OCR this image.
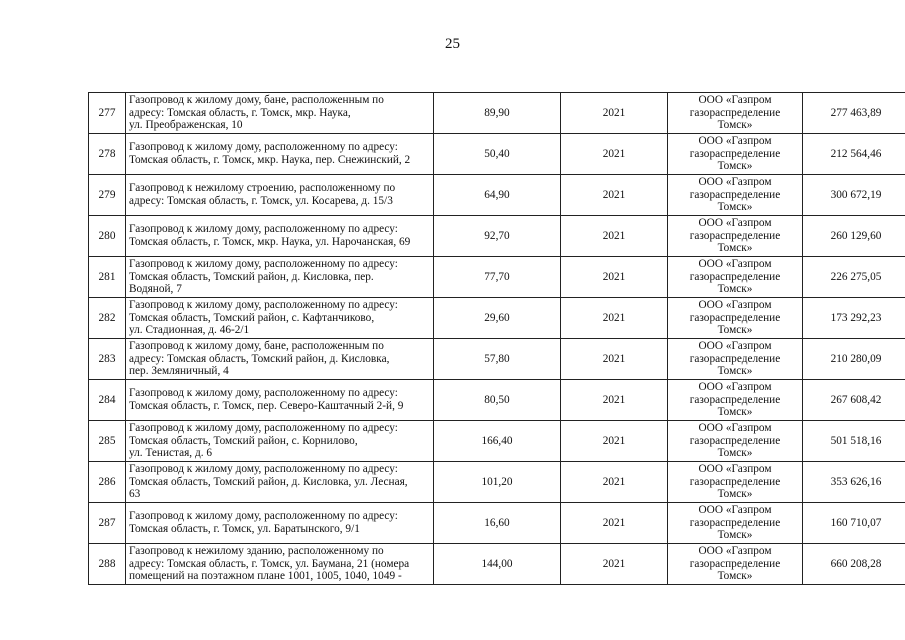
25
277	Газопровод к жилому дому, бане, расположенным по
адресу: Томская область, г. Томск, мкр. Наука,
ул. Преображенская, 10	89,90	2021	ООО «Газпром
газораспределение
Томск»	277 463,89
278	Газопровод к жилому дому, расположенному по адресу:
Томская область, г. Томск, мкр. Наука, пер. Снежинский, 2	50,40	2021	ООО «Газпром
газораспределение
Томск»	212 564,46
279	Газопровод к нежилому строению, расположенному по
адресу: Томская область, г. Томск, ул. Косарева, д. 15/3	64,90	2021	ООО «Газпром
газораспределение
Томск»	300 672,19
280	Газопровод к жилому дому, расположенному по адресу:
Томская область, г. Томск, мкр. Наука, ул. Нарочанская, 69	92,70	2021	ООО «Газпром
газораспределение
Томск»	260 129,60
281	Газопровод к жилому дому, расположенному по адресу:
Томская область, Томский район, д. Кисловка, пер.
Водяной, 7	77,70	2021	ООО «Газпром
газораспределение
Томск»	226 275,05
282	Газопровод к жилому дому, расположенному по адресу:
Томская область, Томский район, с. Кафтанчиково,
ул. Стадионная, д. 46-2/1	29,60	2021	ООО «Газпром
газораспределение
Томск»	173 292,23
283	Газопровод к жилому дому, бане, расположенным по
адресу: Томская область, Томский район, д. Кисловка,
пер. Земляничный, 4	57,80	2021	ООО «Газпром
газораспределение
Томск»	210 280,09
284	Газопровод к жилому дому, расположенному по адресу:
Томская область, г. Томск, пер. Северо-Каштачный 2-й, 9	80,50	2021	ООО «Газпром
газораспределение
Томск»	267 608,42
285	Газопровод к жилому дому, расположенному по адресу:
Томская область, Томский район, с. Корнилово,
ул. Тенистая, д. 6	166,40	2021	ООО «Газпром
газораспределение
Томск»	501 518,16
286	Газопровод к жилому дому, расположенному по адресу:
Томская область, Томский район, д. Кисловка, ул. Лесная,
63	101,20	2021	ООО «Газпром
газораспределение
Томск»	353 626,16
287	Газопровод к жилому дому, расположенному по адресу:
Томская область, г. Томск, ул. Баратынского, 9/1	16,60	2021	ООО «Газпром
газораспределение
Томск»	160 710,07
288	Газопровод к нежилому зданию, расположенному по
адресу: Томская область, г. Томск, ул. Баумана, 21 (номера
помещений на поэтажном плане 1001, 1005, 1040, 1049 -	144,00	2021	ООО «Газпром
газораспределение
Томск»	660 208,28
